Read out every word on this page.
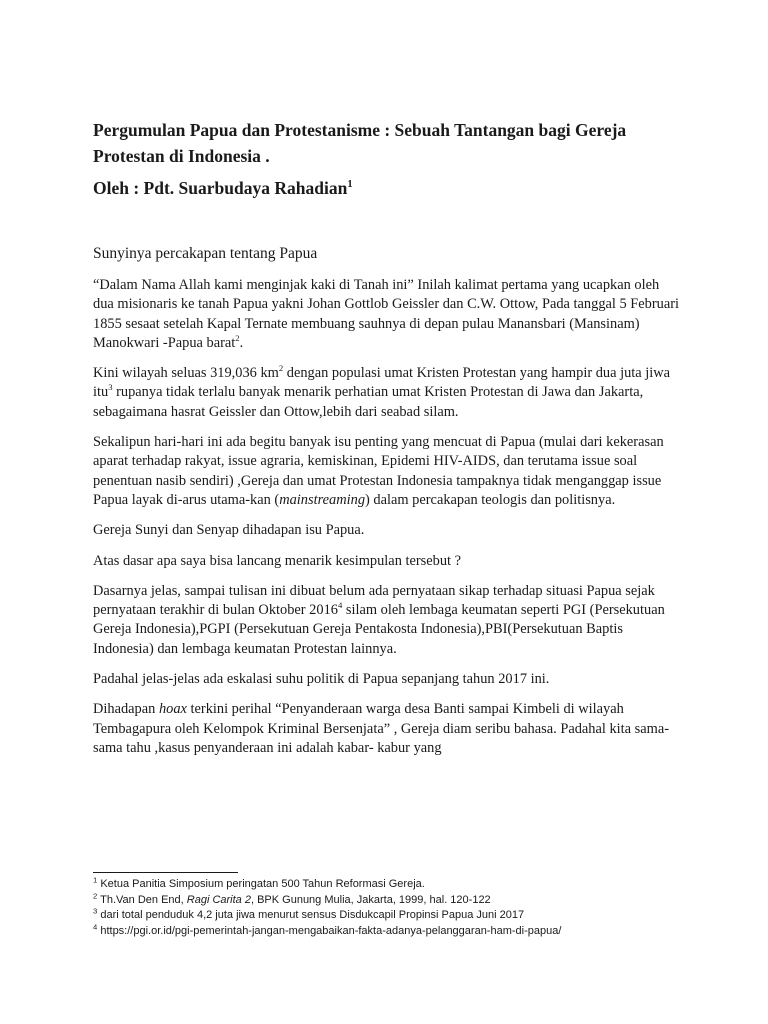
Pergumulan Papua dan Protestanisme : Sebuah Tantangan bagi Gereja Protestan di Indonesia .
Oleh : Pdt. Suarbudaya Rahadian$^1$
Sunyinya percakapan tentang Papua

“Dalam Nama Allah kami menginjak kaki di Tanah ini” Inilah kalimat pertama yang ucapkan oleh dua misionaris ke tanah Papua yakni Johan Gottlob Geissler dan C.W. Ottow, Pada tanggal 5 Februari 1855 sesaat setelah Kapal Ternate membuang sauhnya di depan pulau Manansbari (Mansinam) Manokwari -Papua barat$^2$.

Kini wilayah seluas 319,036 $km^2$ dengan populasi umat Kristen Protestan yang hampir dua juta jiwa itu$^3$ rupanya tidak terlalu banyak menarik perhatian umat Kristen Protestan di Jawa dan Jakarta, sebagaimana hasrat Geissler dan Ottow,lebih dari seabad silam.

Sekalipun hari-hari ini ada begitu banyak isu penting yang mencuat di Papua (mulai dari kekerasan aparat terhadap rakyat, issue agraria, kemiskinan, Epidemi HIV-AIDS, dan terutama issue soal penentuan nasib sendiri) ,Gereja dan umat Protestan Indonesia tampaknya tidak menganggap issue Papua layak di-arus utama-kan (mainstreaming) dalam percakapan teologis dan politisnya.

Gereja Sunyi dan Senyap dihadapan isu Papua.

Atas dasar apa saya bisa lancang menarik kesimpulan tersebut ?

Dasarnya jelas, sampai tulisan ini dibuat belum ada pernyataan sikap terhadap situasi Papua sejak pernyataan terakhir di bulan Oktober 2016$^4$ silam oleh lembaga keumatan seperti PGI (Persekutuan Gereja Indonesia),PGPI (Persekutuan Gereja Pentakosta Indonesia),PBI(Persekutuan Baptis Indonesia) dan lembaga keumatan Protestan lainnya.

Padahal jelas-jelas ada eskalasi suhu politik di Papua sepanjang tahun 2017 ini.

Dihadapan hoax terkini perihal “Penyanderaan warga desa Banti sampai Kimbeli di wilayah Tembagapura oleh Kelompok Kriminal Bersenjata” , Gereja diam seribu bahasa. Padahal kita sama-sama tahu ,kasus penyanderaan ini adalah kabar- kabur yang

$^1$ Ketua Panitia Simposium peringatan 500 Tahun Reformasi Gereja.
$^2$ Th.Van Den End, Ragi Carita 2, BPK Gunung Mulia, Jakarta, 1999, hal. 120-122
$^3$ dari total penduduk 4,2 juta jiwa menurut sensus Disdukcapil Propinsi Papua Juni 2017
$^4$ https://pgi.or.id/pgi-pemerintah-jangan-mengabaikan-fakta-adanya-pelanggaran-ham-di-papua/
